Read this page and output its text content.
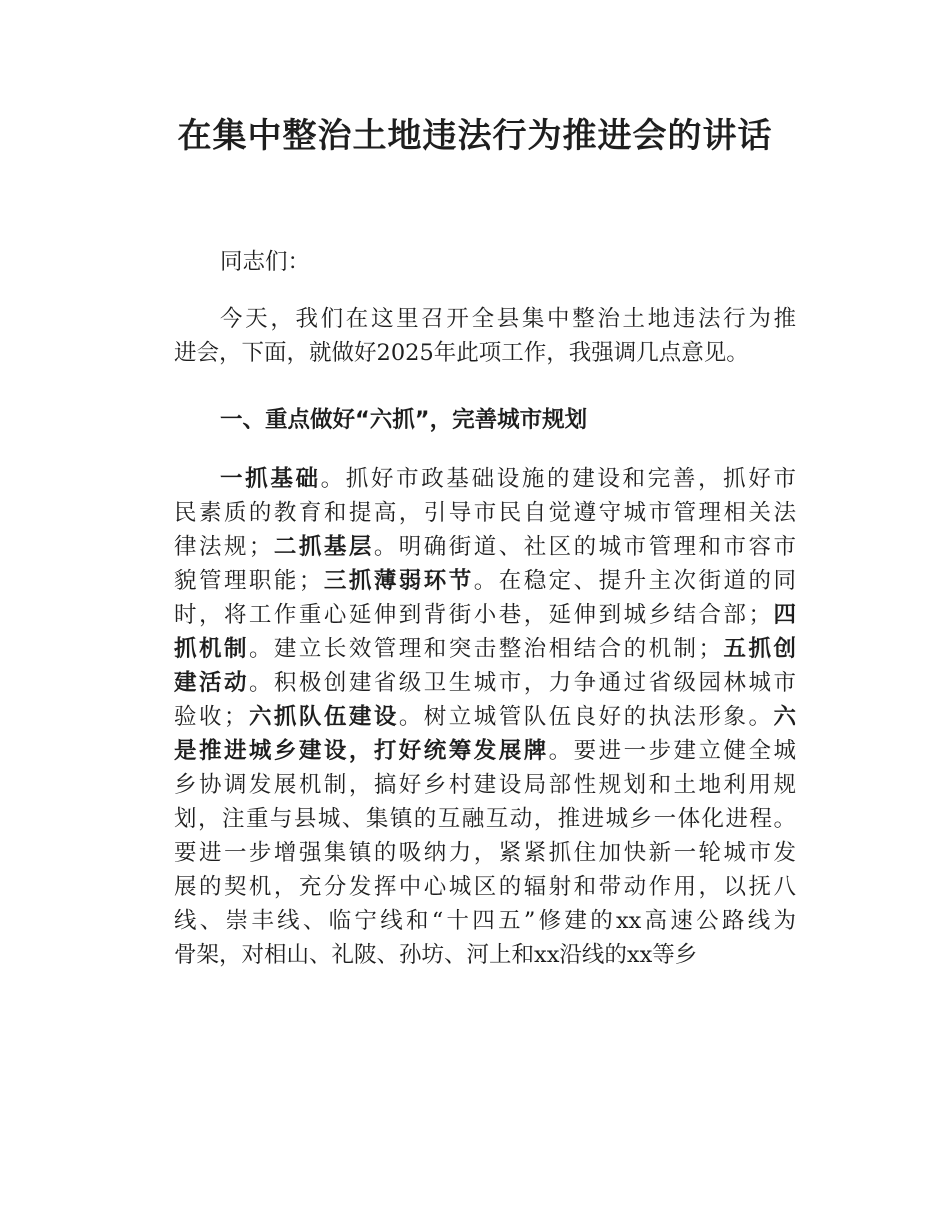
在集中整治土地违法行为推进会的讲话

同志们：

今天，我们在这里召开全县集中整治土地违法行为推
进会，下面，就做好2025年此项工作，我强调几点意见。

一、重点做好“六抓”，完善城市规划

一抓基础。抓好市政基础设施的建设和完善，抓好市
民素质的教育和提高，引导市民自觉遵守城市管理相关法
律法规；二抓基层。明确街道、社区的城市管理和市容市
貌管理职能；三抓薄弱环节。在稳定、提升主次街道的同
时，将工作重心延伸到背街小巷，延伸到城乡结合部；四
抓机制。建立长效管理和突击整治相结合的机制；五抓创
建活动。积极创建省级卫生城市，力争通过省级园林城市
验收；六抓队伍建设。树立城管队伍良好的执法形象。六
是推进城乡建设，打好统筹发展牌。要进一步建立健全城
乡协调发展机制，搞好乡村建设局部性规划和土地利用规
划，注重与县城、集镇的互融互动，推进城乡一体化进程。
要进一步增强集镇的吸纳力，紧紧抓住加快新一轮城市发
展的契机，充分发挥中心城区的辐射和带动作用，以抚八
线、崇丰线、临宁线和“十四五”修建的xx高速公路线为
骨架，对相山、礼陂、孙坊、河上和xx沿线的xx等乡
